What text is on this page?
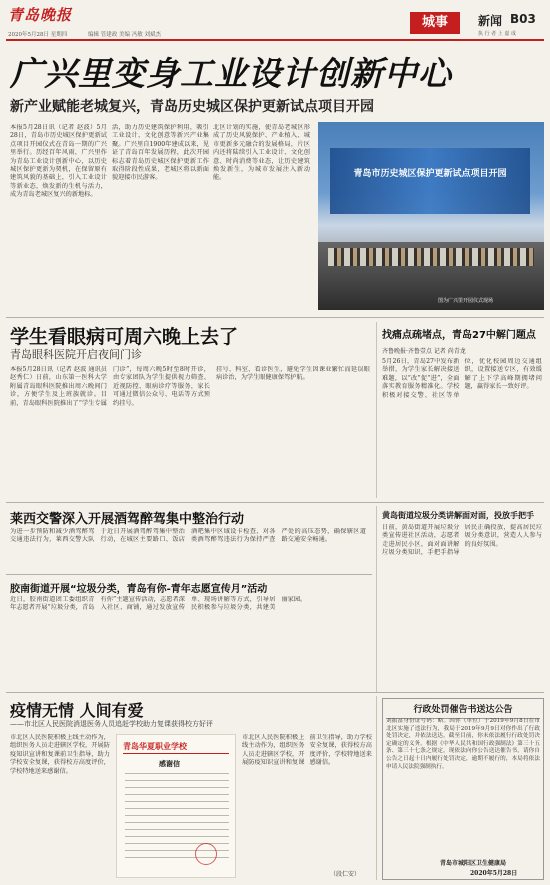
青岛晚报
2020年5月28日 星期四	编辑 管建政 美编 冯敏 刘斌杰
城事	新闻 B03
执 行 者 上 嘉 成
广兴里变身工业设计创新中心
新产业赋能老城复兴，青岛历史城区保护更新试点项目开园
本报5月28日讯（记者 赵波）5月28日，青岛市历史城区保护更新试点项目开园仪式在青岛一期的广兴里举行。历经百年风雨，广兴里作为青岛工业设计创新中心，以历史城区保护更新为契机，在保留原有建筑风貌的基础上，引入工业设计等新业态，焕发新的生机与活力，成为青岛老城区复兴的新地标。
活，助力历史建筑保护利用，吸引工业设计、文化创意等新兴产业集聚。广兴里自1900年建成以来，见证了青岛百年发展历程，此次开园标志着青岛历史城区保护更新工作取得阶段性成果，老城区将以新面貌迎接市民游客。
北区计划的实施，使青岛老城区形成了历史风貌保护、产业植入、城市更新多元融合的发展格局，片区内还将陆续引入工业设计、文化创意、时尚消费等业态，让历史建筑焕发新生，为城市发展注入新动能。	青岛市历史城区保护更新试点项目开园
图为广兴里开园仪式现场
学生看眼病可周六晚上去了
青岛眼科医院开启夜间门诊
本报5月28日讯（记者 赵波 通讯员 赵秀仁）日前，山东第一医科大学附属青岛眼科医院推出周六晚间门诊，方便学生及上班族就诊。目前，青岛眼科医院推出了“学生专属门诊”，每周六晚5时至8时开诊，由专家团队为学生提供视力筛查、近视防控、眼病诊疗等服务，家长可通过微信公众号、电话等方式预约挂号。
挂号、科室、看诊医生，避免学生因课业繁忙而延误眼病诊治，为学生眼健康保驾护航。
找痛点疏堵点，青岛27中解门题点
齐鲁晚报·齐鲁壹点 记者 尚青龙
5月26日，青岛27中发布新举措，为学生家长解决接送难题，以“改”促“进”，全面落实教育服务精准化。学校积极对接交警、社区等单位，优化校园周边交通组织，设置接送专区，有效缓解了上下学高峰期拥堵问题，赢得家长一致好评。
莱西交警深入开展酒驾醉驾集中整治行动
为进一步预防和减少酒驾醉驾交通违法行为，莱西交警大队于近日开展酒驾醉驾集中整治行动，在城区主要路口、饭店酒吧集中区域设卡检查，对各类酒驾醉驾违法行为保持严查严处的高压态势，确保辖区道路交通安全畅通。
黄岛街道垃圾分类讲解面对面，投放手把手
日前，黄岛街道开展垃圾分类宣传进社区活动，志愿者走进居民小区，面对面讲解垃圾分类知识，手把手指导居民正确投放，提高居民垃圾分类意识，营造人人参与的良好氛围。
胶南街道开展“垃圾分类，青岛有你-青年志愿宣传月”活动
近日，胶南街道团工委组织青年志愿者开展“垃圾分类，青岛有你”主题宣传活动，志愿者深入社区、商铺，通过发放宣传单、现场讲解等方式，引导居民积极参与垃圾分类，共建美丽家园。
疫情无情 人间有爱
——市北区人民医院消退医务人员追赶学校助力复课获得校方好评
市北区人民医院积极上线主动作为，组织医务人员走进辖区学校，开展防疫知识宣讲和复课前卫生指导，助力学校安全复课，获得校方高度评价，学校特地送来感谢信。
青岛华夏职业学校
感谢信
市北区人民医院积极上线主动作为，组织医务人员走进辖区学校，开展防疫知识宣讲和复课前卫生指导，助力学校安全复课，获得校方高度评价，学校特地送来感谢信。
（段仁安）
行政处罚催告书送达公告
刘振富身份证号码：略。因你（单位）于2019年9月8日在市北区实施了违法行为，我局于2019年9月9日对你作出了行政处罚决定，并依法送达。截至目前，你未依法履行行政处罚决定确定的义务。根据《中华人民共和国行政强制法》第三十五条、第三十七条之规定，现依法向你公告送达催告书，请你自公告之日起十日内履行处罚决定，逾期不履行的，本局将依法申请人民法院强制执行。
青岛市城阳区卫生健康局
2020年5月28日
